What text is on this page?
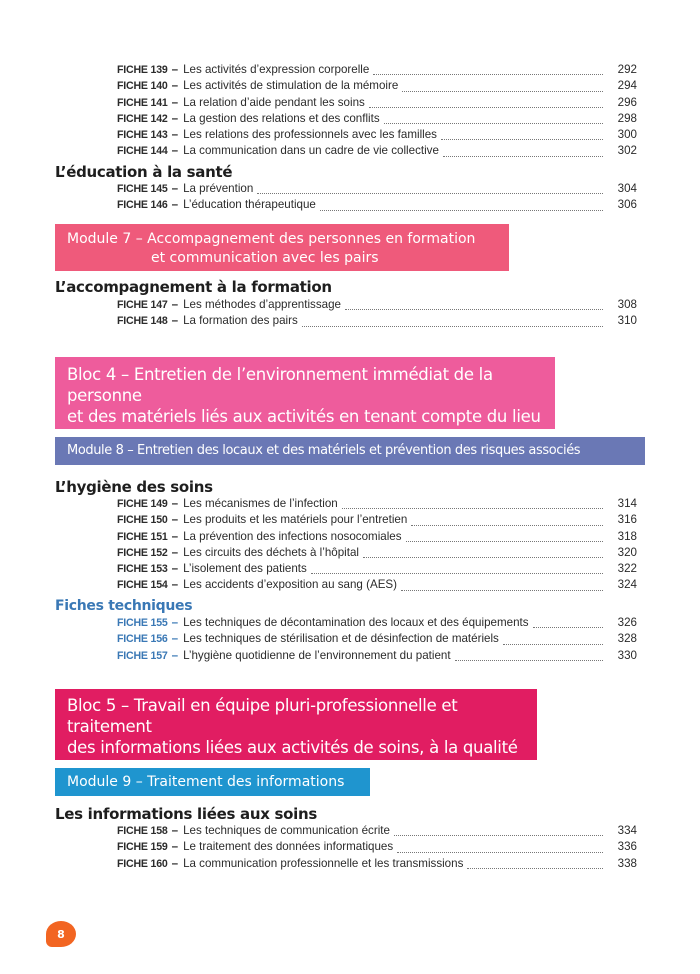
FICHE 139 – Les activités d’expression corporelle	292
FICHE 140 – Les activités de stimulation de la mémoire	294
FICHE 141 – La relation d’aide pendant les soins	296
FICHE 142 – La gestion des relations et des conflits	298
FICHE 143 – Les relations des professionnels avec les familles	300
FICHE 144 – La communication dans un cadre de vie collective	302
L’éducation à la santé
FICHE 145 – La prévention	304
FICHE 146 – L’éducation thérapeutique	306
Module 7 – Accompagnement des personnes en formation
et communication avec les pairs
L’accompagnement à la formation
FICHE 147 – Les méthodes d’apprentissage	308
FICHE 148 – La formation des pairs	310
Bloc 4 – Entretien de l’environnement immédiat de la personne
et des matériels liés aux activités en tenant compte du lieu
Module 8 – Entretien des locaux et des matériels et prévention des risques associés
L’hygiène des soins
FICHE 149 – Les mécanismes de l’infection	314
FICHE 150 – Les produits et les matériels pour l’entretien	316
FICHE 151 – La prévention des infections nosocomiales	318
FICHE 152 – Les circuits des déchets à l’hôpital	320
FICHE 153 – L’isolement des patients	322
FICHE 154 – Les accidents d’exposition au sang (AES)	324
Fiches techniques
FICHE 155 – Les techniques de décontamination des locaux et des équipements	326
FICHE 156 – Les techniques de stérilisation et de désinfection de matériels	328
FICHE 157 – L’hygiène quotidienne de l’environnement du patient	330
Bloc 5 – Travail en équipe pluri-professionnelle et traitement
des informations liées aux activités de soins, à la qualité
Module 9 – Traitement des informations
Les informations liées aux soins
FICHE 158 – Les techniques de communication écrite	334
FICHE 159 – Le traitement des données informatiques	336
FICHE 160 – La communication professionnelle et les transmissions	338
8
